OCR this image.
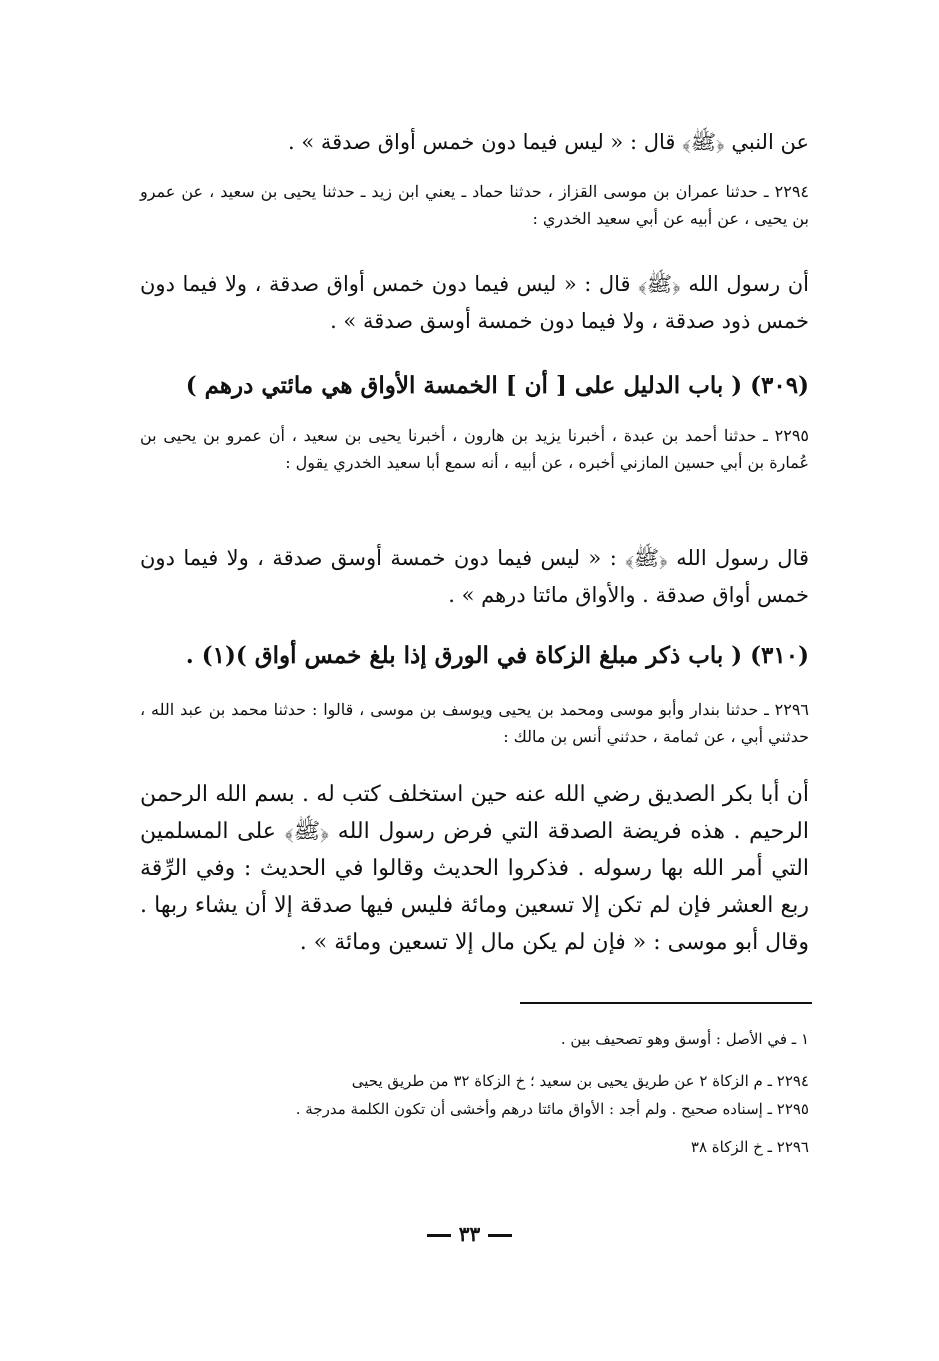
عن النبي ﴿ﷺ﴾ قال : « ليس فيما دون خمس أواق صدقة » .

٢٢٩٤ ـ حدثنا عمران بن موسى القزاز ، حدثنا حماد ـ يعني ابن زيد ـ حدثنا يحيى بن سعيد ، عن عمرو بن يحيى ، عن أبيه عن أبي سعيد الخدري :

أن رسول الله ﴿ﷺ﴾ قال : « ليس فيما دون خمس أواق صدقة ، ولا فيما دون خمس ذود صدقة ، ولا فيما دون خمسة أوسق صدقة » .

(٣٠٩) ( باب الدليل على [ أن ] الخمسة الأواق هي مائتي درهم )

٢٢٩٥ ـ حدثنا أحمد بن عبدة ، أخبرنا يزيد بن هارون ، أخبرنا يحيى بن سعيد ، أن عمرو بن يحيى بن عُمارة بن أبي حسين المازني أخبره ، عن أبيه ، أنه سمع أبا سعيد الخدري يقول :

قال رسول الله ﴿ﷺ﴾ : « ليس فيما دون خمسة أوسق صدقة ، ولا فيما دون خمس أواق صدقة . والأواق مائتا درهم » .

(٣١٠) ( باب ذكر مبلغ الزكاة في الورق إذا بلغ خمس أواق )(١) .

٢٢٩٦ ـ حدثنا بندار وأبو موسى ومحمد بن يحيى ويوسف بن موسى ، قالوا : حدثنا محمد بن عبد الله ، حدثني أبي ، عن ثمامة ، حدثني أنس بن مالك :

أن أبا بكر الصديق رضي الله عنه حين استخلف كتب له . بسم الله الرحمن الرحيم . هذه فريضة الصدقة التي فرض رسول الله ﴿ﷺ﴾ على المسلمين التي أمر الله بها رسوله . فذكروا الحديث وقالوا في الحديث : وفي الرِّقة ربع العشر فإن لم تكن إلا تسعين ومائة فليس فيها صدقة إلا أن يشاء ربها . وقال أبو موسى : « فإن لم يكن مال إلا تسعين ومائة » .

١ ـ في الأصل : أوسق وهو تصحيف بين .

٢٢٩٤ ـ م الزكاة ٢ عن طريق يحيى بن سعيد ؛ خ الزكاة ٣٢ من طريق يحيى

٢٢٩٥ ـ إسناده صحيح . ولم أجد : الأواق مائتا درهم وأخشى أن تكون الكلمة مدرجة .

٢٢٩٦ ـ خ الزكاة ٣٨

٣٣
